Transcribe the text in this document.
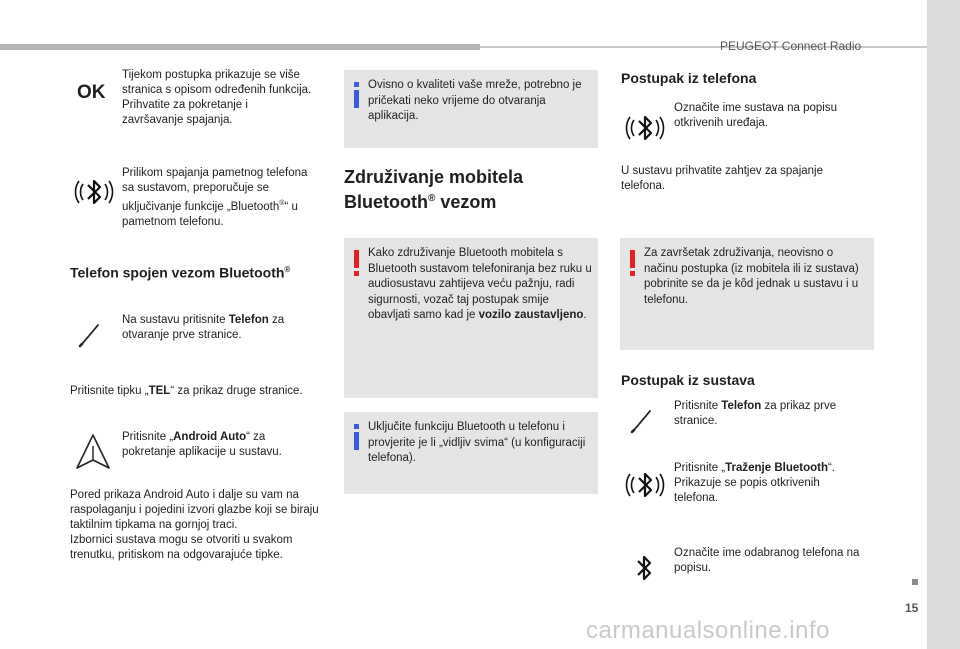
PEUGEOT Connect Radio
15
carmanualsonline.info
OK
Tijekom postupka prikazuje se više stranica s opisom određenih funkcija.
Prihvatite za pokretanje i završavanje spajanja.
Prilikom spajanja pametnog telefona sa sustavom, preporučuje se uključivanje funkcije „Bluetooth®“ u pametnom telefonu.
Telefon spojen vezom Bluetooth®
Na sustavu pritisnite Telefon za otvaranje prve stranice.
Pritisnite tipku „TEL“ za prikaz druge stranice.
Pritisnite „Android Auto“ za pokretanje aplikacije u sustavu.
Pored prikaza Android Auto i dalje su vam na raspolaganju i pojedini izvori glazbe koji se biraju taktilnim tipkama na gornjoj traci.
Izbornici sustava mogu se otvoriti u svakom trenutku, pritiskom na odgovarajuće tipke.
Ovisno o kvaliteti vaše mreže, potrebno je pričekati neko vrijeme do otvaranja aplikacija.
Združivanje mobitela
Bluetooth® vezom
Kako združivanje Bluetooth mobitela s Bluetooth sustavom telefoniranja bez ruku u audiosustavu zahtijeva veću pažnju, radi sigurnosti, vozač taj postupak smije obavljati samo kad je vozilo zaustavljeno.
Uključite funkciju Bluetooth u telefonu i provjerite je li „vidljiv svima“ (u konfiguraciji telefona).
Postupak iz telefona
Označite ime sustava na popisu otkrivenih uređaja.
U sustavu prihvatite zahtjev za spajanje telefona.
Za završetak združivanja, neovisno o načinu postupka (iz mobitela ili iz sustava) pobrinite se da je kôd jednak u sustavu i u telefonu.
Postupak iz sustava
Pritisnite Telefon za prikaz prve stranice.
Pritisnite „Traženje Bluetooth“.
Prikazuje se popis otkrivenih telefona.
Označite ime odabranog telefona na popisu.
